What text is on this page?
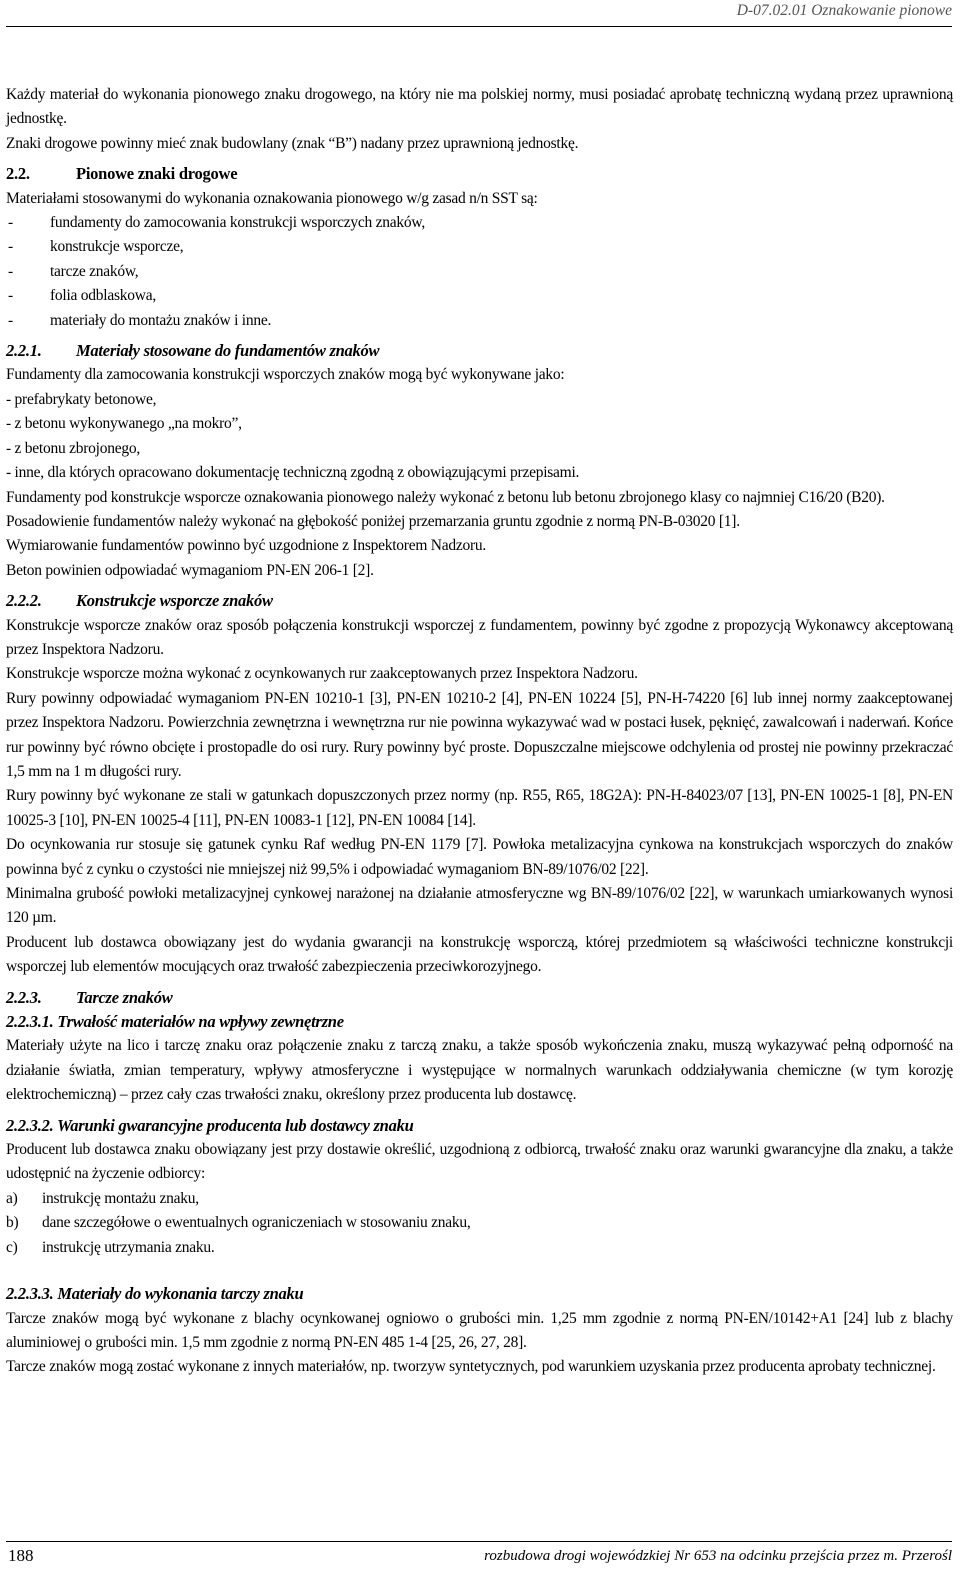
D-07.02.01 Oznakowanie pionowe

Każdy materiał do wykonania pionowego znaku drogowego, na który nie ma polskiej normy, musi posiadać aprobatę techniczną wydaną przez uprawnioną jednostkę.

Znaki drogowe powinny mieć znak budowlany (znak “B”) nadany przez uprawnioną jednostkę.

2.2.	Pionowe znaki drogowe

Materiałami stosowanymi do wykonania oznakowania pionowego w/g zasad n/n SST są:

- fundamenty do zamocowania konstrukcji wsporczych znaków,
- konstrukcje wsporcze,
- tarcze znaków,
- folia odblaskowa,
- materiały do montażu znaków i inne.
2.2.1. Materiały stosowane do fundamentów znaków

Fundamenty dla zamocowania konstrukcji wsporczych znaków mogą być wykonywane jako:

- prefabrykaty betonowe,
- z betonu wykonywanego „na mokro”,
- z betonu zbrojonego,
- inne, dla których opracowano dokumentację techniczną zgodną z obowiązującymi przepisami.

Fundamenty pod konstrukcje wsporcze oznakowania pionowego należy wykonać z betonu lub betonu zbrojonego klasy co najmniej C16/20 (B20).

Posadowienie fundamentów należy wykonać na głębokość poniżej przemarzania gruntu zgodnie z normą PN-B-03020 [1].

Wymiarowanie fundamentów powinno być uzgodnione z Inspektorem Nadzoru.

Beton powinien odpowiadać wymaganiom PN-EN 206-1 [2].

2.2.2. Konstrukcje wsporcze znaków

Konstrukcje wsporcze znaków oraz sposób połączenia konstrukcji wsporczej z fundamentem, powinny być zgodne z propozycją Wykonawcy akceptowaną przez Inspektora Nadzoru.

Konstrukcje wsporcze można wykonać z ocynkowanych rur zaakceptowanych przez Inspektora Nadzoru.

Rury powinny odpowiadać wymaganiom PN-EN 10210-1 [3], PN-EN 10210-2 [4], PN-EN 10224 [5], PN-H-74220 [6] lub innej normy zaakceptowanej przez Inspektora Nadzoru. Powierzchnia zewnętrzna i wewnętrzna rur nie powinna wykazywać wad w postaci łusek, pęknięć, zawalcowań i naderwań. Końce rur powinny być równo obcięte i prostopadle do osi rury. Rury powinny być proste. Dopuszczalne miejscowe odchylenia od prostej nie powinny przekraczać 1,5 mm na 1 m długości rury.

Rury powinny być wykonane ze stali w gatunkach dopuszczonych przez normy (np. R55, R65, 18G2A): PN-H-84023/07 [13], PN-EN 10025-1 [8], PN-EN 10025-3 [10], PN-EN 10025-4 [11], PN-EN 10083-1 [12], PN-EN 10084 [14].

Do ocynkowania rur stosuje się gatunek cynku Raf według PN-EN 1179 [7]. Powłoka metalizacyjna cynkowa na konstrukcjach wsporczych do znaków powinna być z cynku o czystości nie mniejszej niż 99,5% i odpowiadać wymaganiom BN-89/1076/02 [22].

Minimalna grubość powłoki metalizacyjnej cynkowej narażonej na działanie atmosferyczne wg BN-89/1076/02 [22], w warunkach umiarkowanych wynosi 120 µm.

Producent lub dostawca obowiązany jest do wydania gwarancji na konstrukcję wsporczą, której przedmiotem są właściwości techniczne konstrukcji wsporczej lub elementów mocujących oraz trwałość zabezpieczenia przeciwkorozyjnego.

2.2.3. Tarcze znaków
2.2.3.1. Trwałość materiałów na wpływy zewnętrzne

Materiały użyte na lico i tarczę znaku oraz połączenie znaku z tarczą znaku, a także sposób wykończenia znaku, muszą wykazywać pełną odporność na działanie światła, zmian temperatury, wpływy atmosferyczne i występujące w normalnych warunkach oddziaływania chemiczne (w tym korozję elektrochemiczną) – przez cały czas trwałości znaku, określony przez producenta lub dostawcę.

2.2.3.2. Warunki gwarancyjne producenta lub dostawcy znaku

Producent lub dostawca znaku obowiązany jest przy dostawie określić, uzgodnioną z odbiorcą, trwałość znaku oraz warunki gwarancyjne dla znaku, a także udostępnić na życzenie odbiorcy:

a) instrukcję montażu znaku,
b) dane szczegółowe o ewentualnych ograniczeniach w stosowaniu znaku,
c) instrukcję utrzymania znaku.
2.2.3.3. Materiały do wykonania tarczy znaku

Tarcze znaków mogą być wykonane z blachy ocynkowanej ogniowo o grubości min. 1,25 mm zgodnie z normą PN-EN/10142+A1 [24] lub z blachy aluminiowej o grubości min. 1,5 mm zgodnie z normą PN-EN 485 1-4 [25, 26, 27, 28].

Tarcze znaków mogą zostać wykonane z innych materiałów, np. tworzyw syntetycznych, pod warunkiem uzyskania przez producenta aprobaty technicznej.

188	rozbudowa drogi wojewódzkiej Nr 653 na odcinku przejścia przez m. Przerośl
